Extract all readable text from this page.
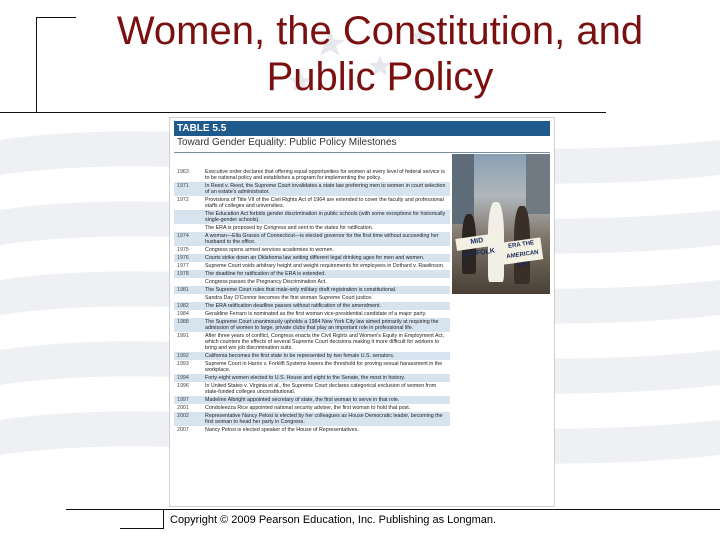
Women, the Constitution, and
Public Policy
TABLE 5.5
Toward Gender Equality: Public Policy Milestones
1963	Executive order declares that offering equal opportunities for women at every level of federal service is to be national policy and establishes a program for implementing the policy.
1971	In Reed v. Reed, the Supreme Court invalidates a state law preferring men to women in court selection of an estate's administrator.
1972	Provisions of Title VII of the Civil Rights Act of 1964 are extended to cover the faculty and professional staffs of colleges and universities.
The Education Act forbids gender discrimination in public schools (with some exceptions for historically single-gender schools).
The ERA is proposed by Congress and sent to the states for ratification.
1974	A woman—Ella Grasso of Connecticut—is elected governor for the first time without succeeding her husband to the office.
1975	Congress opens armed services academies to women.
1976	Courts strike down an Oklahoma law setting different legal drinking ages for men and women.
1977	Supreme Court voids arbitrary height and weight requirements for employees in Dothard v. Rawlinson.
1978	The deadline for ratification of the ERA is extended.
Congress passes the Pregnancy Discrimination Act.
1981	The Supreme Court rules that male-only military draft registration is constitutional.
Sandra Day O'Connor becomes the first woman Supreme Court justice.
1982	The ERA ratification deadline passes without ratification of the amendment.
1984	Geraldine Ferraro is nominated as the first woman vice-presidential candidate of a major party.
1988	The Supreme Court unanimously upholds a 1984 New York City law aimed primarily at requiring the admission of women to large, private clubs that play an important role in professional life.
1991	After three years of conflict, Congress enacts the Civil Rights and Women's Equity in Employment Act, which counters the effects of several Supreme Court decisions making it more difficult for workers to bring and win job discrimination suits.
1992	California becomes the first state to be represented by two female U.S. senators.
1993	Supreme Court in Harris v. Forklift Systems lowers the threshold for proving sexual harassment in the workplace.
1994	Forty-eight women elected to U.S. House and eight to the Senate, the most in history.
1996	In United States v. Virginia et al., the Supreme Court declares categorical exclusion of women from state-funded colleges unconstitutional.
1997	Madeline Albright appointed secretary of state, the first woman to serve in that role.
2001	Condoleezza Rice appointed national security adviser, the first woman to hold that post.
2002	Representative Nancy Pelosi is elected by her colleagues as House Democratic leader, becoming the first woman to head her party in Congress.
2007	Nancy Pelosi is elected speaker of the House of Representatives.
MID SUFFOLK
ERA THE AMERICAN WAY
Copyright © 2009 Pearson Education, Inc. Publishing as Longman.
